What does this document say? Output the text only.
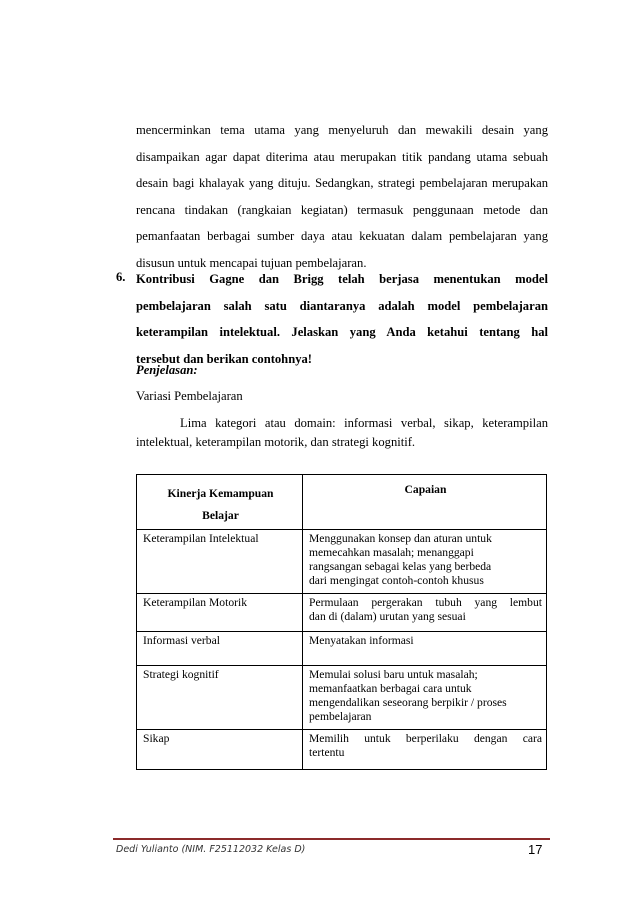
mencerminkan tema utama yang menyeluruh dan mewakili desain yang
disampaikan agar dapat diterima atau merupakan titik pandang utama sebuah
desain bagi khalayak yang dituju. Sedangkan, strategi pembelajaran merupakan
rencana tindakan (rangkaian kegiatan) termasuk penggunaan metode dan
pemanfaatan berbagai sumber daya atau kekuatan dalam pembelajaran yang
disusun untuk mencapai tujuan pembelajaran.
6. Kontribusi Gagne dan Brigg telah berjasa menentukan model
pembelajaran salah satu diantaranya adalah model pembelajaran
keterampilan intelektual. Jelaskan yang Anda ketahui tentang hal
tersebut dan berikan contohnya!
Penjelasan:
Variasi Pembelajaran
Lima kategori atau domain: informasi verbal, sikap, keterampilan
intelektual, keterampilan motorik, dan strategi kognitif.
Kinerja Kemampuan
Belajar	Capaian
Keterampilan Intelektual	Menggunakan konsep dan aturan untuk
memecahkan masalah; menanggapi
rangsangan sebagai kelas yang berbeda
dari mengingat contoh-contoh khusus

Keterampilan Motorik	Permulaan pergerakan tubuh yang lembut
dan di (dalam) urutan yang sesuai

Informasi verbal	Menyatakan informasi

Strategi kognitif	Memulai solusi baru untuk masalah;
memanfaatkan berbagai cara untuk
mengendalikan seseorang berpikir / proses
pembelajaran

Sikap	Memilih untuk berperilaku dengan cara
tertentu
Dedi Yulianto (NIM. F25112032 Kelas D)	17
